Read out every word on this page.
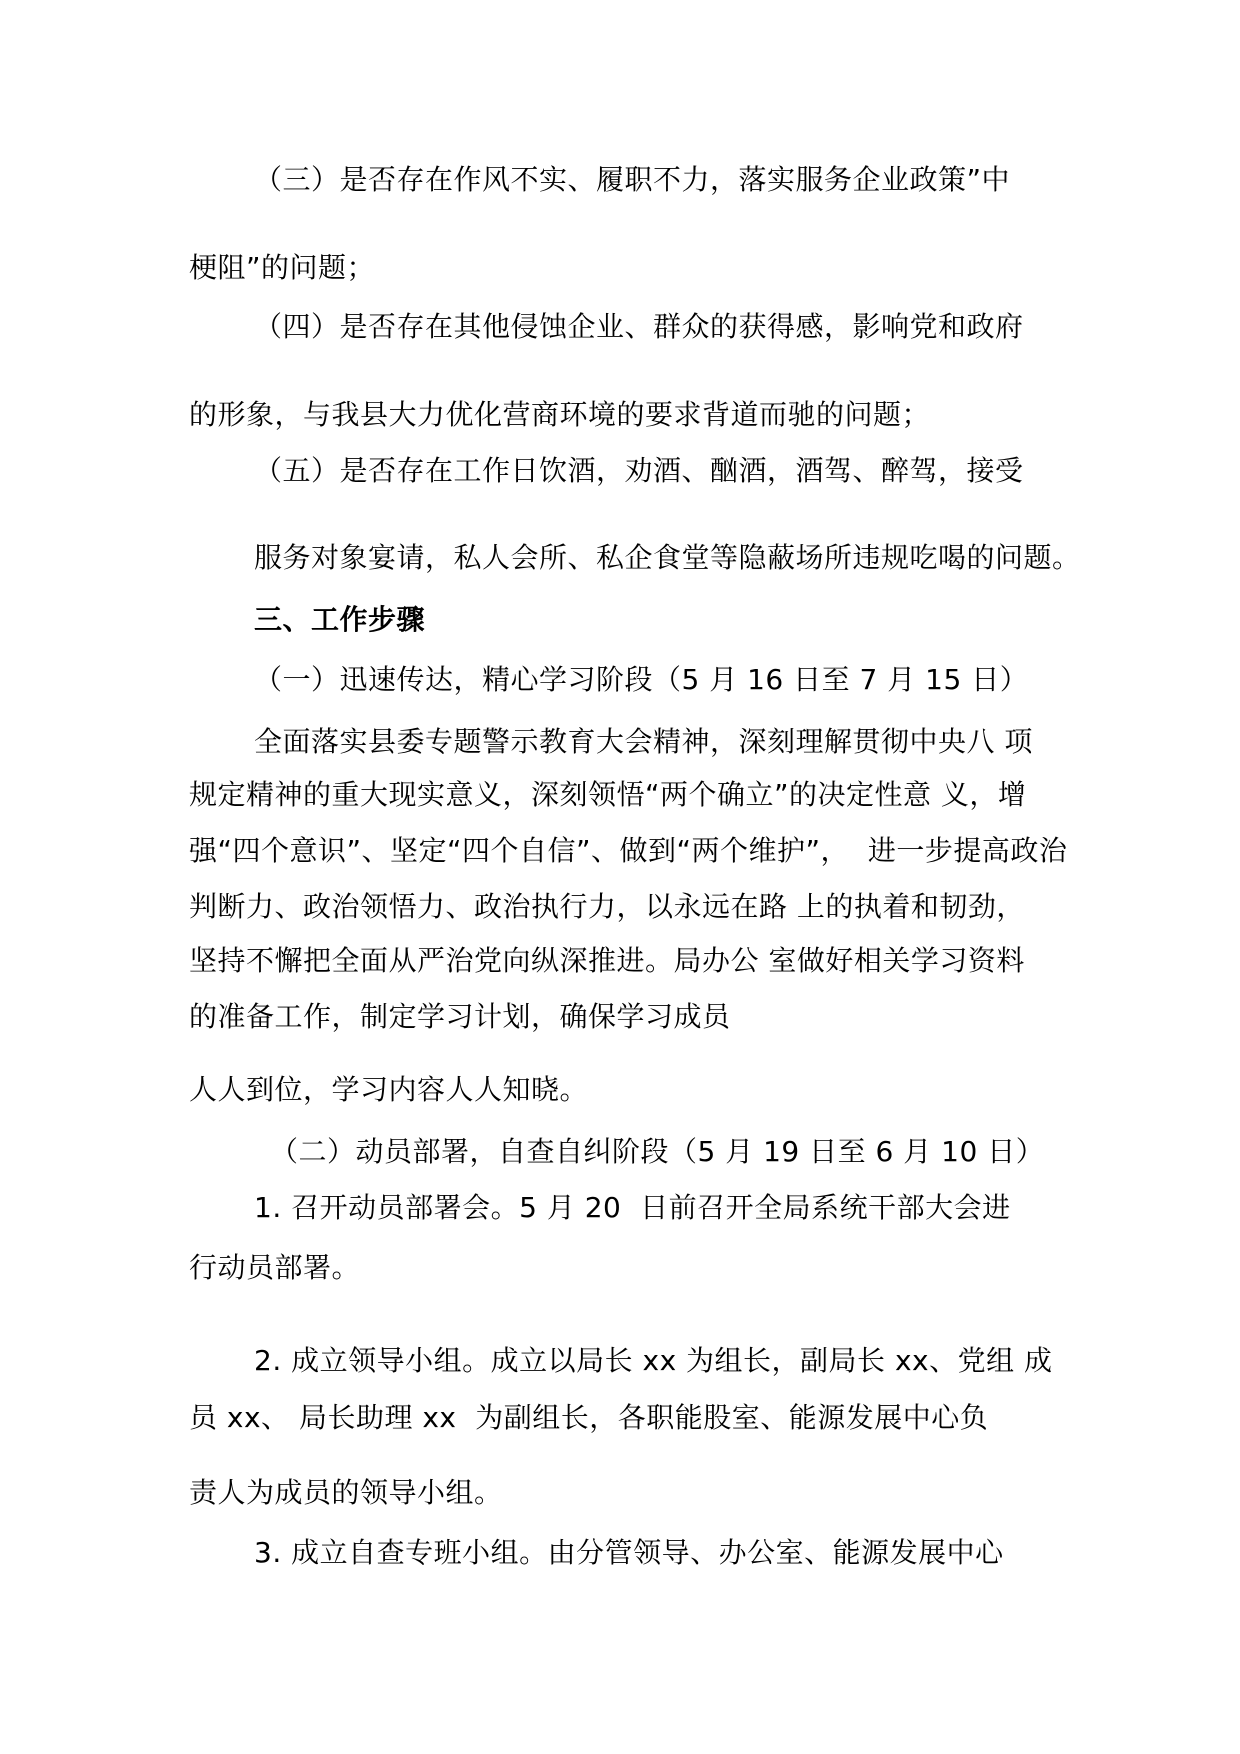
（三）是否存在作风不实、履职不力，落实服务企业政策”中
梗阻”的问题；
（四）是否存在其他侵蚀企业、群众的获得感，影响党和政府
的形象，与我县大力优化营商环境的要求背道而驰的问题；
（五）是否存在工作日饮酒，劝酒、酗酒，酒驾、醉驾，接受
服务对象宴请，私人会所、私企食堂等隐蔽场所违规吃喝的问题。
三、工作步骤
（一）迅速传达，精心学习阶段（5 月 16 日至 7 月 15 日）
全面落实县委专题警示教育大会精神，深刻理解贯彻中央八 项
规定精神的重大现实意义，深刻领悟“两个确立”的决定性意 义，增
强“四个意识”、坚定“四个自信”、做到“两个维护”，  进一步提高政治
判断力、政治领悟力、政治执行力，以永远在路 上的执着和韧劲，
坚持不懈把全面从严治党向纵深推进。局办公 室做好相关学习资料
的准备工作，制定学习计划，确保学习成员
人人到位，学习内容人人知晓。
（二）动员部署，自查自纠阶段（5 月 19 日至 6 月 10 日）
1. 召开动员部署会。5 月 20  日前召开全局系统干部大会进
行动员部署。
2. 成立领导小组。成立以局长 xx 为组长，副局长 xx、党组 成
员 xx、 局长助理 xx  为副组长，各职能股室、能源发展中心负
责人为成员的领导小组。
3. 成立自查专班小组。由分管领导、办公室、能源发展中心
